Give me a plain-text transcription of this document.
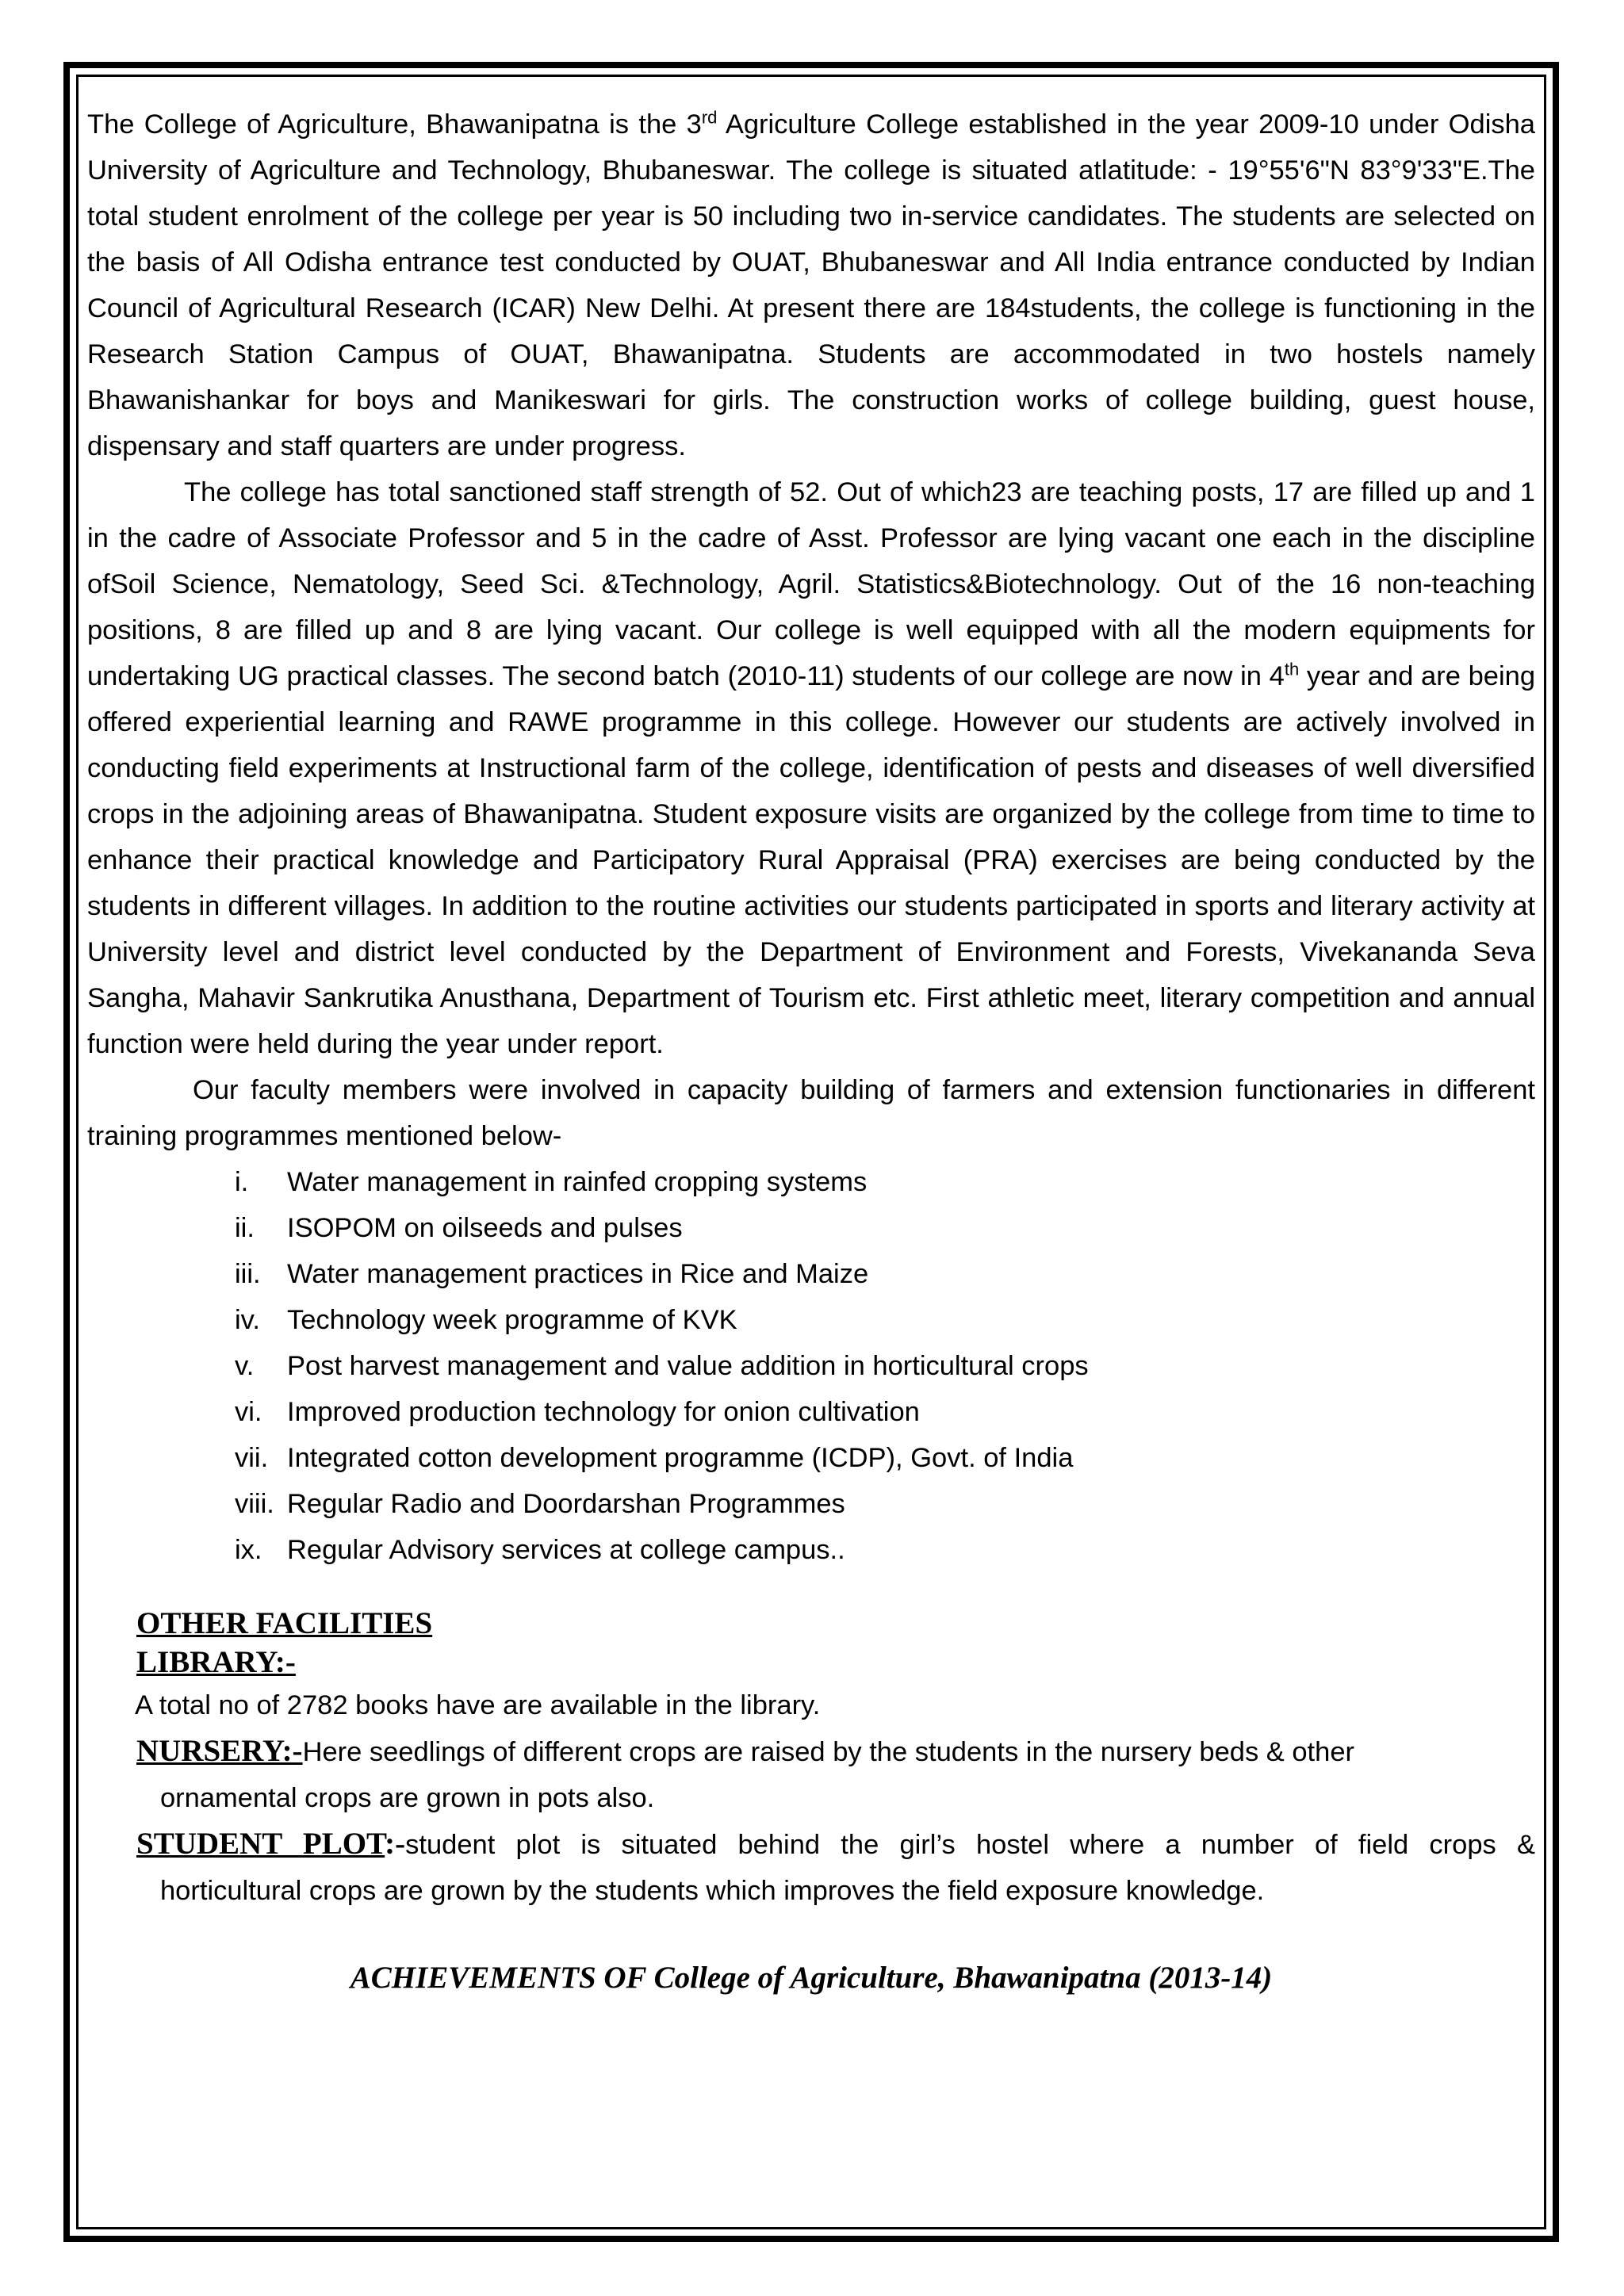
The College of Agriculture, Bhawanipatna is the 3rd Agriculture College established in the year 2009-10 under Odisha University of Agriculture and Technology, Bhubaneswar. The college is situated atlatitude: - 19°55'6"N 83°9'33"E.The total student enrolment of the college per year is 50 including two in-service candidates. The students are selected on the basis of All Odisha entrance test conducted by OUAT, Bhubaneswar and All India entrance conducted by Indian Council of Agricultural Research (ICAR) New Delhi. At present there are 184students, the college is functioning in the Research Station Campus of OUAT, Bhawanipatna. Students are accommodated in two hostels namely Bhawanishankar for boys and Manikeswari for girls. The construction works of college building, guest house, dispensary and staff quarters are under progress.

The college has total sanctioned staff strength of 52. Out of which23 are teaching posts, 17 are filled up and 1 in the cadre of Associate Professor and 5 in the cadre of Asst. Professor are lying vacant one each in the discipline ofSoil Science, Nematology, Seed Sci. &Technology, Agril. Statistics&Biotechnology. Out of the 16 non-teaching positions, 8 are filled up and 8 are lying vacant. Our college is well equipped with all the modern equipments for undertaking UG practical classes. The second batch (2010-11) students of our college are now in 4th year and are being offered experiential learning and RAWE programme in this college. However our students are actively involved in conducting field experiments at Instructional farm of the college, identification of pests and diseases of well diversified crops in the adjoining areas of Bhawanipatna. Student exposure visits are organized by the college from time to time to enhance their practical knowledge and Participatory Rural Appraisal (PRA) exercises are being conducted by the students in different villages. In addition to the routine activities our students participated in sports and literary activity at University level and district level conducted by the Department of Environment and Forests, Vivekananda Seva Sangha, Mahavir Sankrutika Anusthana, Department of Tourism etc. First athletic meet, literary competition and annual function were held during the year under report.

Our faculty members were involved in capacity building of farmers and extension functionaries in different training programmes mentioned below-

i.	Water management in rainfed cropping systems
ii.	ISOPOM on oilseeds and pulses
iii. Water management practices in Rice and Maize
iv. Technology week programme of KVK
v.	Post harvest management and value addition in horticultural crops
vi. Improved production technology for onion cultivation
vii. Integrated cotton development programme (ICDP), Govt. of India
viii. Regular Radio and Doordarshan Programmes
ix. Regular Advisory services at college campus..
OTHER FACILITIES
LIBRARY:-
A total no of 2782 books have are available in the library.
NURSERY:-Here seedlings of different crops are raised by the students in the nursery beds & other
ornamental crops are grown in pots also.
STUDENT PLOT:-student plot is situated behind the girl’s hostel where a number of field crops &
horticultural crops are grown by the students which improves the field exposure knowledge.
ACHIEVEMENTS OF College of Agriculture, Bhawanipatna (2013-14)
